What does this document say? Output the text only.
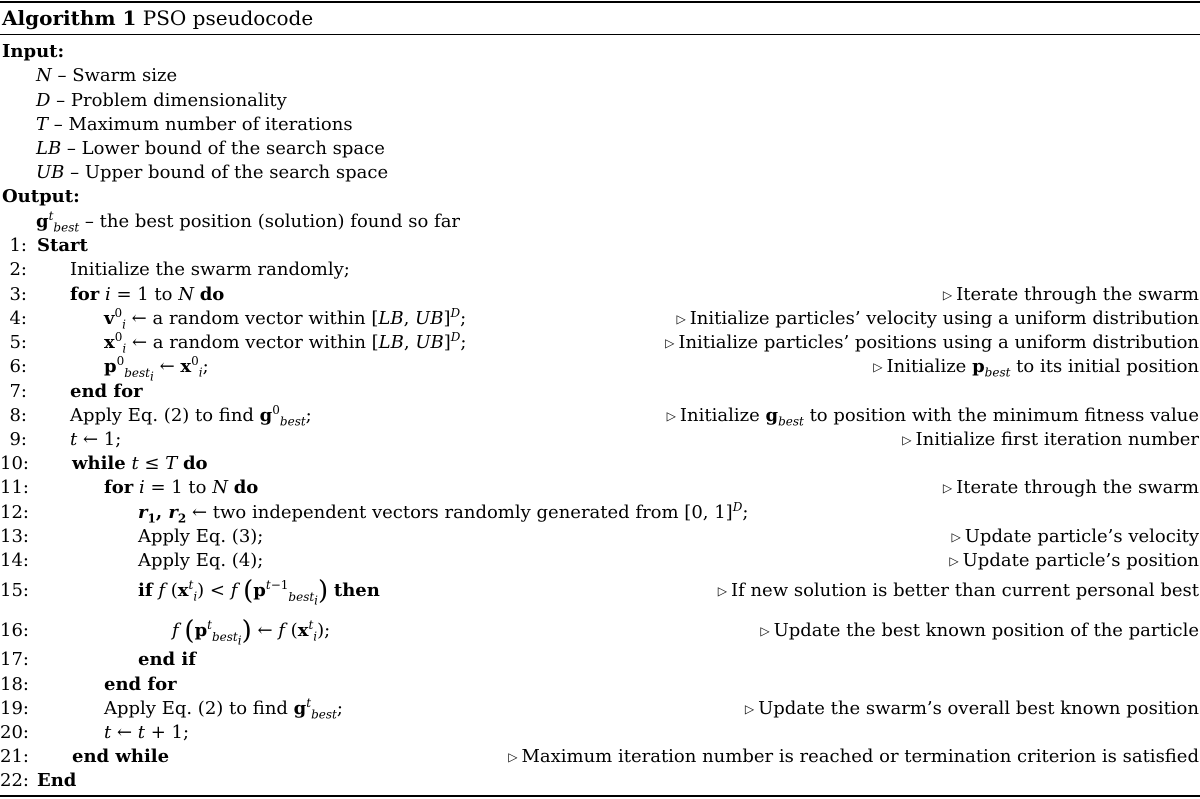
Algorithm 1 PSO pseudocode
Input:
N – Swarm size
D – Problem dimensionality
T – Maximum number of iterations
LB – Lower bound of the search space
UB – Upper bound of the search space
Output:
$g^t_{best}$ – the best position (solution) found so far
1: Start
2: Initialize the swarm randomly;
3: for i = 1 to N do	▷ Iterate through the swarm
4:	$v^0_i$ ← a random vector within [LB, UB]$^D$;	▷ Initialize particles’ velocity using a uniform distribution
5:	$x^0_i$ ← a random vector within [LB, UB]$^D$;	▷ Initialize particles’ positions using a uniform distribution
6:	$p^0_{best_i}$ ← $x^0_i$;	▷ Initialize $p_{best}$ to its initial position
7: end for
8: Apply Eq. (2) to find $g^0_{best}$;	▷ Initialize $g_{best}$ to position with the minimum fitness value
9: t ← 1;	▷ Initialize first iteration number
10: while t ≤ T do
11:	for i = 1 to N do	▷ Iterate through the swarm
12:	$r_1$, $r_2$ ← two independent vectors randomly generated from [0, 1]$^D$;
13:	Apply Eq. (3);	▷ Update particle’s velocity
14:	Apply Eq. (4);	▷ Update particle’s position
15:	if f $(x^t_i) < f$ $(p^{t-1}_{best_i})$ then	▷ If new solution is better than current personal best
16:	f $(p^t_{best_i})$ ← f $(x^t_i)$;	▷ Update the best known position of the particle
17:	end if
18:	end for
19:	Apply Eq. (2) to find $g^t_{best}$;	▷ Update the swarm’s overall best known position
20:	t ← t + 1;
21: end while	▷ Maximum iteration number is reached or termination criterion is satisfied
22: End
